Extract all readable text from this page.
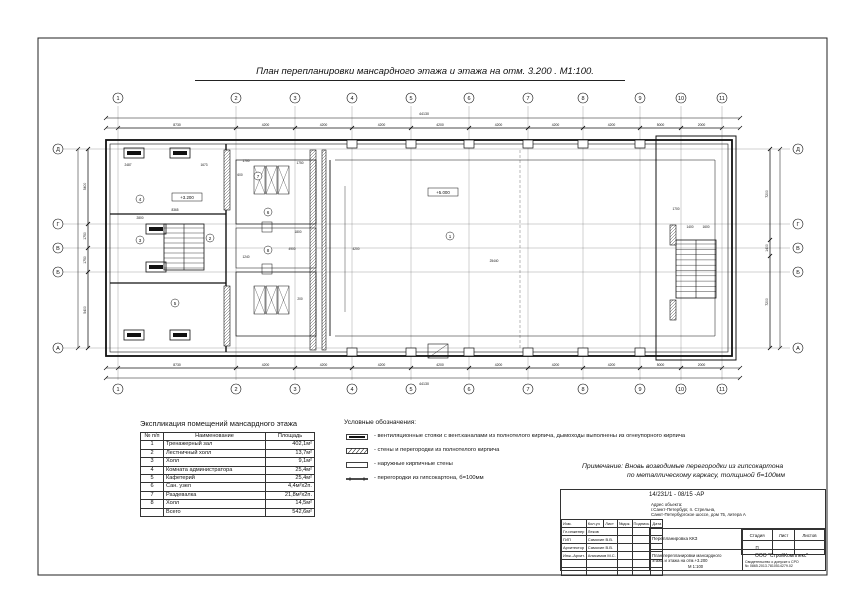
1
1
2
2
3
3
4
4
5
5
6
6
7
7
8
8
9
9
10
10
11
11
Д	Д
Г	Г
В	В
Б	Б
А	А
44130
44130
8730
8730
4200
4200
4200
4200
4200
4200
4200
4200
4200
4200
4200
4200
4200
4200
5000
5000
2000
2000
5400
1750
1750
5400
7200
1400
7200
2487	1673
1700	1750
2800
8365
4900
25440
4200
1800
1240
600
200
1400	1600
1700
+3.200
+5.000
1
2
3
4
5
6
7
8
План перепланировки мансардного этажа и этажа на отм. 3.200 . М1:100.
Экспликация помещений мансардного этажа
№ п/п	Наименование	Площадь
1	Тренажерный зал	402,1м²
2	Лестничный холл	13,7м²
3	Холл	9,1м²
4	Комната администратора	25,4м²
5	Кафетерий	25,4м²
6	Сан. узел	4,4м²х2п.
7	Раздевалка	21,8м²х2п.
8	Холл	14,5м²
	Всего	542,6м²
Условные обозначения:
- вентиляционные стояки с вент.каналами из полнотелого кирпича, дымоходы выполнены из огнеупорного кирпича
- стены и перегородки из полнотелого кирпича
- наружные кирпичные стены
- перегородки из гипсокартона, б=100мм
Примечание: Вновь возводимые перегородки из гипсокартона
по металлическому каркасу, толщиной б=100мм
14/231/1 - 08/15 -АР
Адрес объекта:
г.Санкт-Петербург, п. Стрельна,
Санкт-Петербургское шоссе, дом 75, литера А
Изм.	Кол.уч	Лист	№док.	Подпись	Дата
Гл.инженер	Леков				
ГИП	Самохин В.В.				
Архитектор	Самохин В.В.				
Инж.-Архит.	Анисимов М.С.				

Перепланировка ККЗ
Стадия	Лист	Листов
П		
План перепланировки мансардного
этажа и этажа на отм.+3.200
М 1:100
ООО "СтройКомплекс"
Свидетельство о допуске к СРО
№ 0865.2013.7810514279.02
